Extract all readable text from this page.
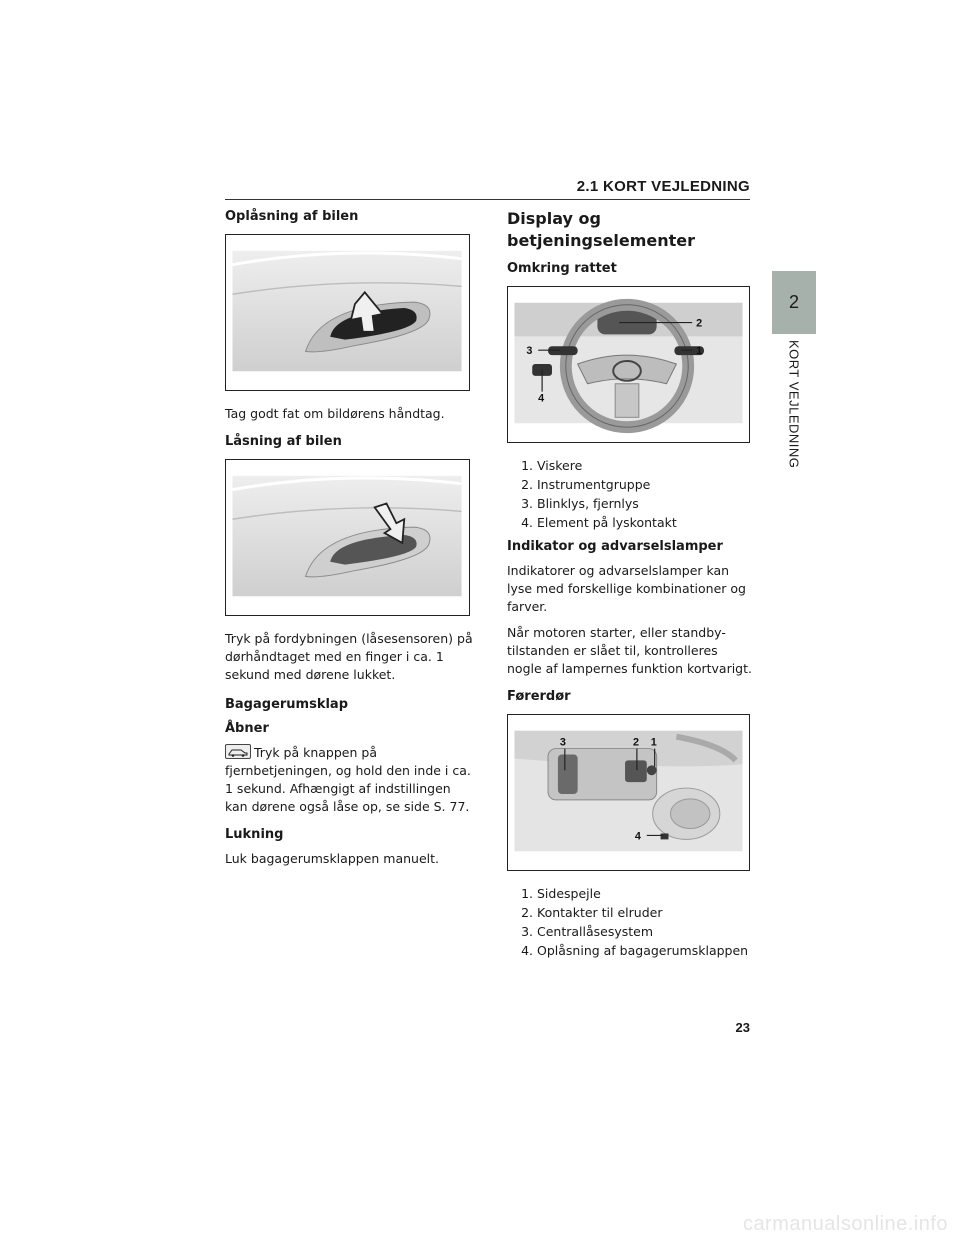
2.1 KORT VEJLEDNING
2
KORT VEJLEDNING
Oplåsning af bilen

Tag godt fat om bildørens håndtag.

Låsning af bilen

Tryk på fordybningen (låsesensoren) på dørhåndtaget med en finger i ca. 1 sekund med dørene lukket.

Bagagerumsklap
Åbner

Tryk på knappen på fjernbetjeningen, og hold den inde i ca. 1 sekund. Afhængigt af indstillingen kan dørene også låse op, se side S. 77.

Lukning

Luk bagagerumsklappen manuelt.

Display og betjeningselementer
Omkring rattet
2
3	1
4
1. Viskere
2. Instrumentgruppe
3. Blinklys, fjernlys
4. Element på lyskontakt
Indikator og advarselslamper

Indikatorer og advarselslamper kan lyse med forskellige kombinationer og farver.

Når motoren starter, eller standby-tilstanden er slået til, kontrolleres nogle af lampernes funktion kortvarigt.

Førerdør
3	2 1
4
1. Sidespejle
2. Kontakter til elruder
3. Centrallåsesystem
4. Oplåsning af bagagerumsklappen
23
carmanualsonline.info
